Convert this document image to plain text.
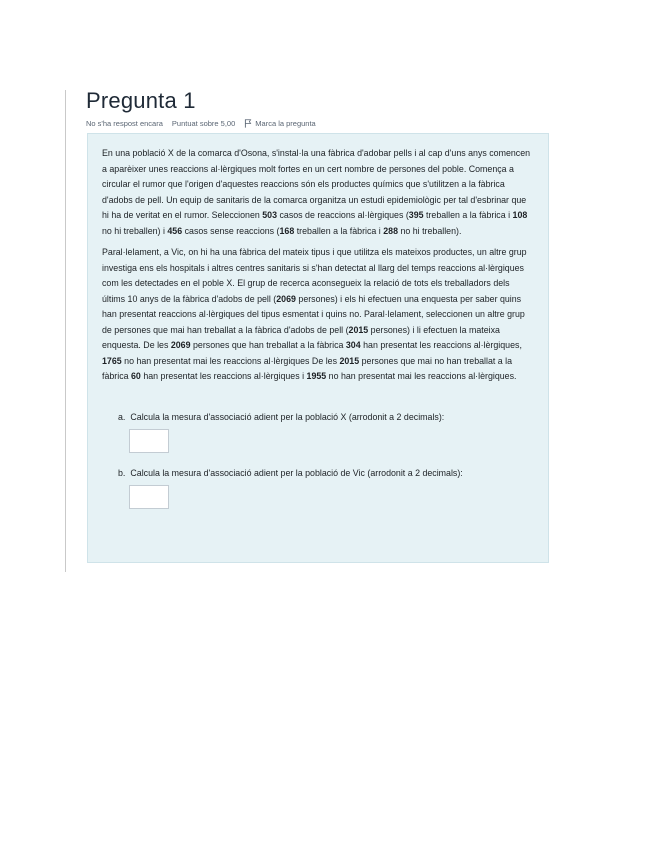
Pregunta 1
No s'ha respost encara Puntuat sobre 5,00	Marca la pregunta

En una població X de la comarca d'Osona, s'instal·la una fàbrica d'adobar pells i al cap d'uns anys comencen a aparèixer unes reaccions al·lèrgiques molt fortes en un cert nombre de persones del poble. Comença a circular el rumor que l'origen d'aquestes reaccions són els productes químics que s'utilitzen a la fàbrica d'adobs de pell. Un equip de sanitaris de la comarca organitza un estudi epidemiològic per tal d'esbrinar que hi ha de veritat en el rumor. Seleccionen 503 casos de reaccions al·lèrgiques (395 treballen a la fàbrica i 108 no hi treballen) i 456 casos sense reaccions (168 treballen a la fàbrica i 288 no hi treballen).

Paral·lelament, a Vic, on hi ha una fàbrica del mateix tipus i que utilitza els mateixos productes, un altre grup investiga ens els hospitals i altres centres sanitaris si s'han detectat al llarg del temps reaccions al·lèrgiques com les detectades en el poble X. El grup de recerca aconsegueix la relació de tots els treballadors dels últims 10 anys de la fàbrica d'adobs de pell (2069 persones) i els hi efectuen una enquesta per saber quins han presentat reaccions al·lèrgiques del tipus esmentat i quins no. Paral·lelament, seleccionen un altre grup de persones que mai han treballat a la fàbrica d'adobs de pell (2015 persones) i li efectuen la mateixa enquesta. De les 2069 persones que han treballat a la fàbrica 304 han presentat les reaccions al·lèrgiques, 1765 no han presentat mai les reaccions al·lèrgiques De les 2015 persones que mai no han treballat a la fàbrica 60 han presentat les reaccions al·lèrgiques i 1955 no han presentat mai les reaccions al·lèrgiques.

a. Calcula la mesura d'associació adient per la població X (arrodonit a 2 decimals):
b. Calcula la mesura d'associació adient per la població de Vic (arrodonit a 2 decimals):
